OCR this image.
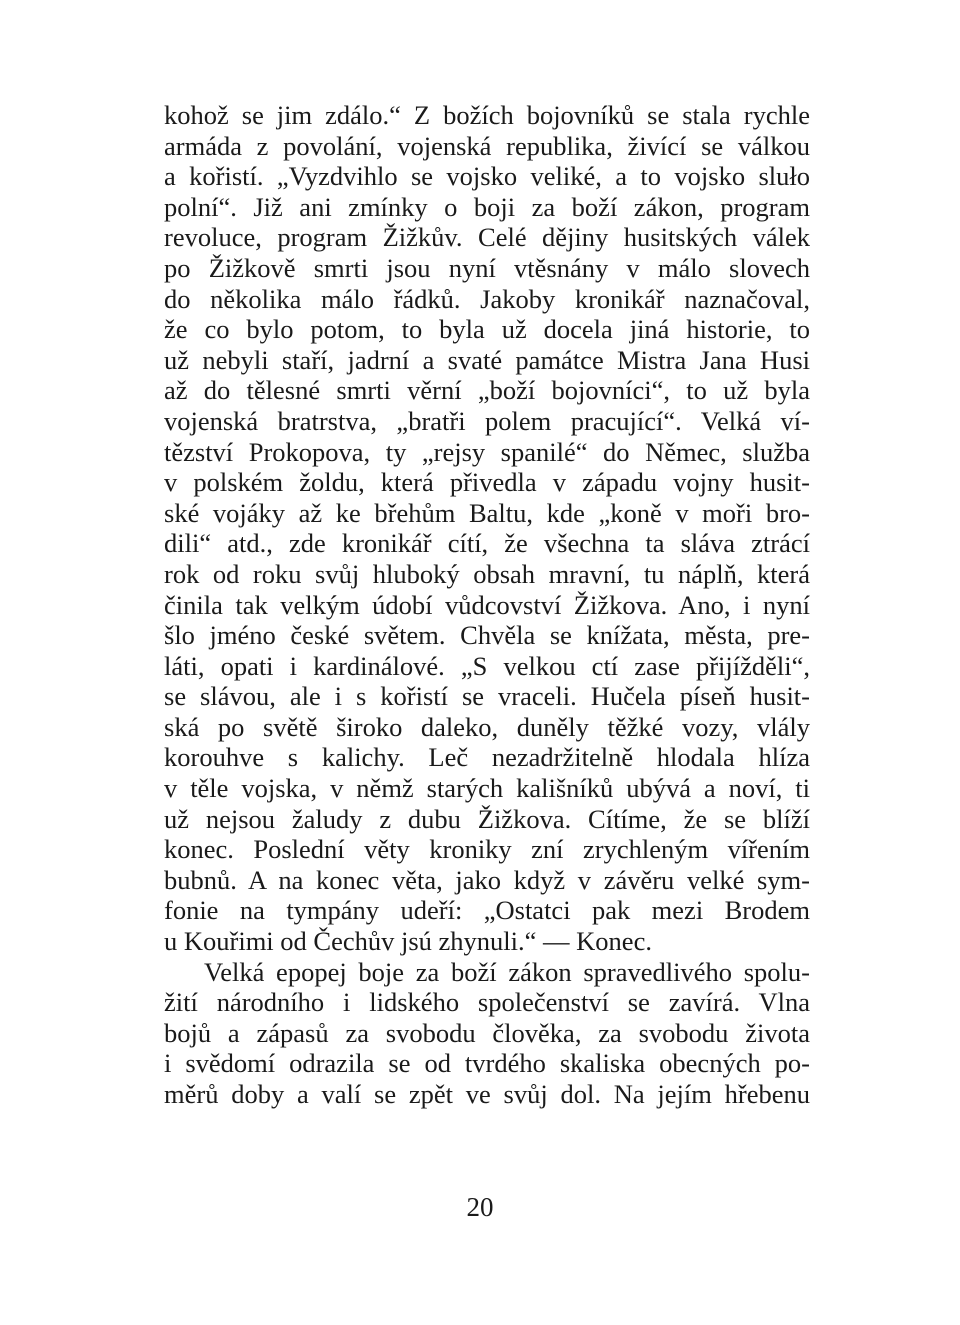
kohož se jim zdálo.“ Z božích bojovníků se stala rychle
armáda z povolání, vojenská republika, živící se válkou
a kořistí. „Vyzdvihlo se vojsko veliké, a to vojsko sluło
polní“. Již ani zmínky o boji za boží zákon, program
revoluce, program Žižkův. Celé dějiny husitských válek
po Žižkově smrti jsou nyní vtěsnány v málo slovech
do několika málo řádků. Jakoby kronikář naznačoval,
že co bylo potom, to byla už docela jiná historie, to
už nebyli staří, jadrní a svaté památce Mistra Jana Husi
až do tělesné smrti věrní „boží bojovníci“, to už byla
vojenská bratrstva, „bratři polem pracující“. Velká ví-
tězství Prokopova, ty „rejsy spanilé“ do Němec, služba
v polském žoldu, která přivedla v západu vojny husit-
ské vojáky až ke břehům Baltu, kde „koně v moři bro-
dili“ atd., zde kronikář cítí, že všechna ta sláva ztrácí
rok od roku svůj hluboký obsah mravní, tu náplň, která
činila tak velkým údobí vůdcovství Žižkova. Ano, i nyní
šlo jméno české světem. Chvěla se knížata, města, pre-
láti, opati i kardinálové. „S velkou ctí zase přijížděli“,
se slávou, ale i s kořistí se vraceli. Hučela píseň husit-
ská po světě široko daleko, duněly těžké vozy, vlály
korouhve s kalichy. Leč nezadržitelně hlodala hlíza
v těle vojska, v němž starých kališníků ubývá a noví, ti
už nejsou žaludy z dubu Žižkova. Cítíme, že se blíží
konec. Poslední věty kroniky zní zrychleným vířením
bubnů. A na konec věta, jako když v závěru velké sym-
fonie na tympány udeří: „Ostatci pak mezi Brodem
u Kouřimi od Čechův jsú zhynuli.“ — Konec.
Velká epopej boje za boží zákon spravedlivého spolu-
žití národního i lidského společenství se zavírá. Vlna
bojů a zápasů za svobodu člověka, za svobodu života
i svědomí odrazila se od tvrdého skaliska obecných po-
měrů doby a valí se zpět ve svůj dol. Na jejím hřebenu
20
